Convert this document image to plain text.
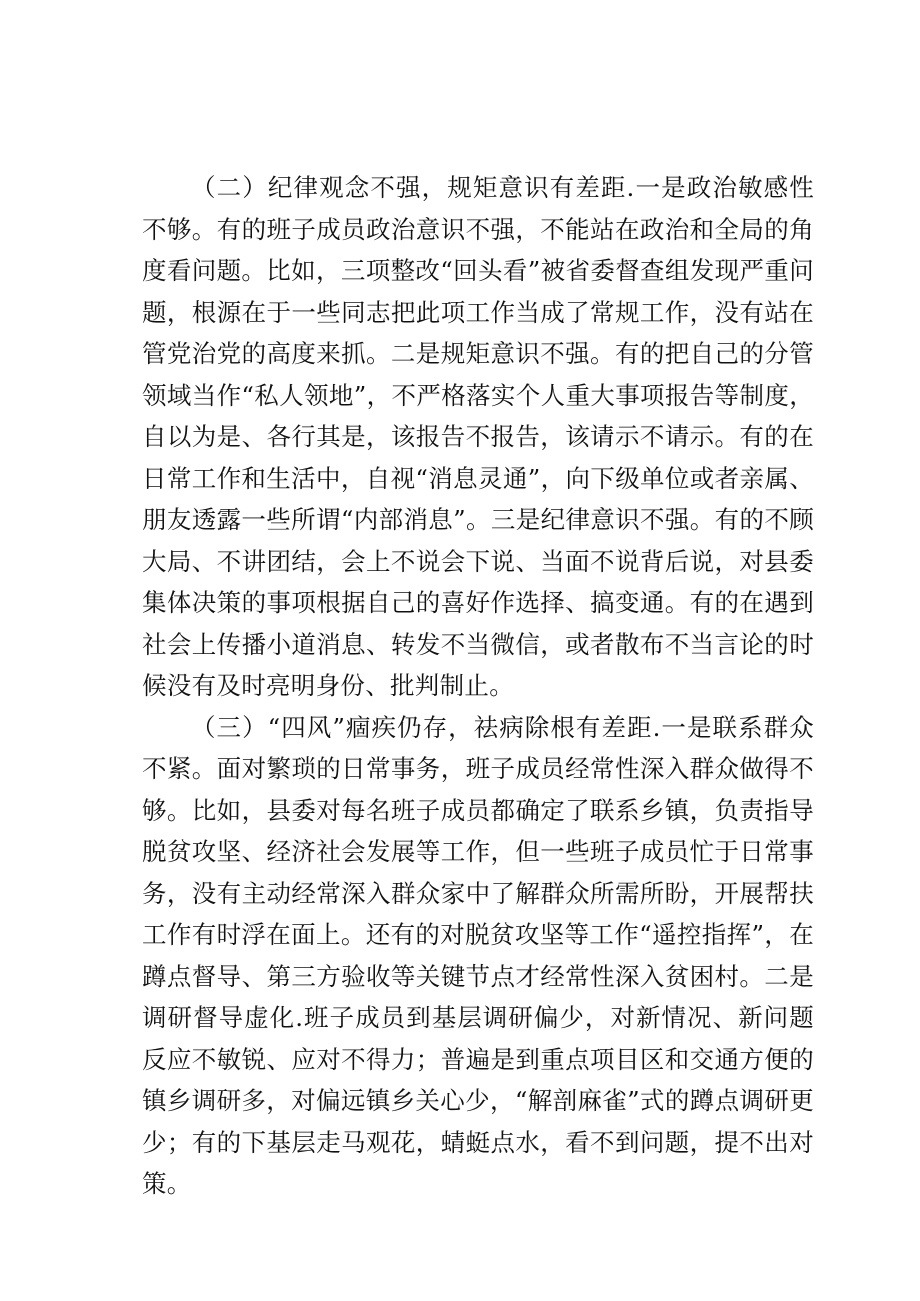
（二）纪律观念不强，规矩意识有差距.一是政治敏感性不够。有的班子成员政治意识不强，不能站在政治和全局的角度看问题。比如，三项整改“回头看”被省委督查组发现严重问题，根源在于一些同志把此项工作当成了常规工作，没有站在管党治党的高度来抓。二是规矩意识不强。有的把自己的分管领域当作“私人领地”，不严格落实个人重大事项报告等制度，自以为是、各行其是，该报告不报告，该请示不请示。有的在日常工作和生活中，自视“消息灵通”，向下级单位或者亲属、朋友透露一些所谓“内部消息”。三是纪律意识不强。有的不顾大局、不讲团结，会上不说会下说、当面不说背后说，对县委集体决策的事项根据自己的喜好作选择、搞变通。有的在遇到社会上传播小道消息、转发不当微信，或者散布不当言论的时候没有及时亮明身份、批判制止。

（三）“四风”痼疾仍存，祛病除根有差距.一是联系群众不紧。面对繁琐的日常事务，班子成员经常性深入群众做得不够。比如，县委对每名班子成员都确定了联系乡镇，负责指导脱贫攻坚、经济社会发展等工作，但一些班子成员忙于日常事务，没有主动经常深入群众家中了解群众所需所盼，开展帮扶工作有时浮在面上。还有的对脱贫攻坚等工作“遥控指挥”，在蹲点督导、第三方验收等关键节点才经常性深入贫困村。二是调研督导虚化.班子成员到基层调研偏少，对新情况、新问题反应不敏锐、应对不得力；普遍是到重点项目区和交通方便的镇乡调研多，对偏远镇乡关心少，“解剖麻雀”式的蹲点调研更少；有的下基层走马观花，蜻蜓点水，看不到问题，提不出对策。
